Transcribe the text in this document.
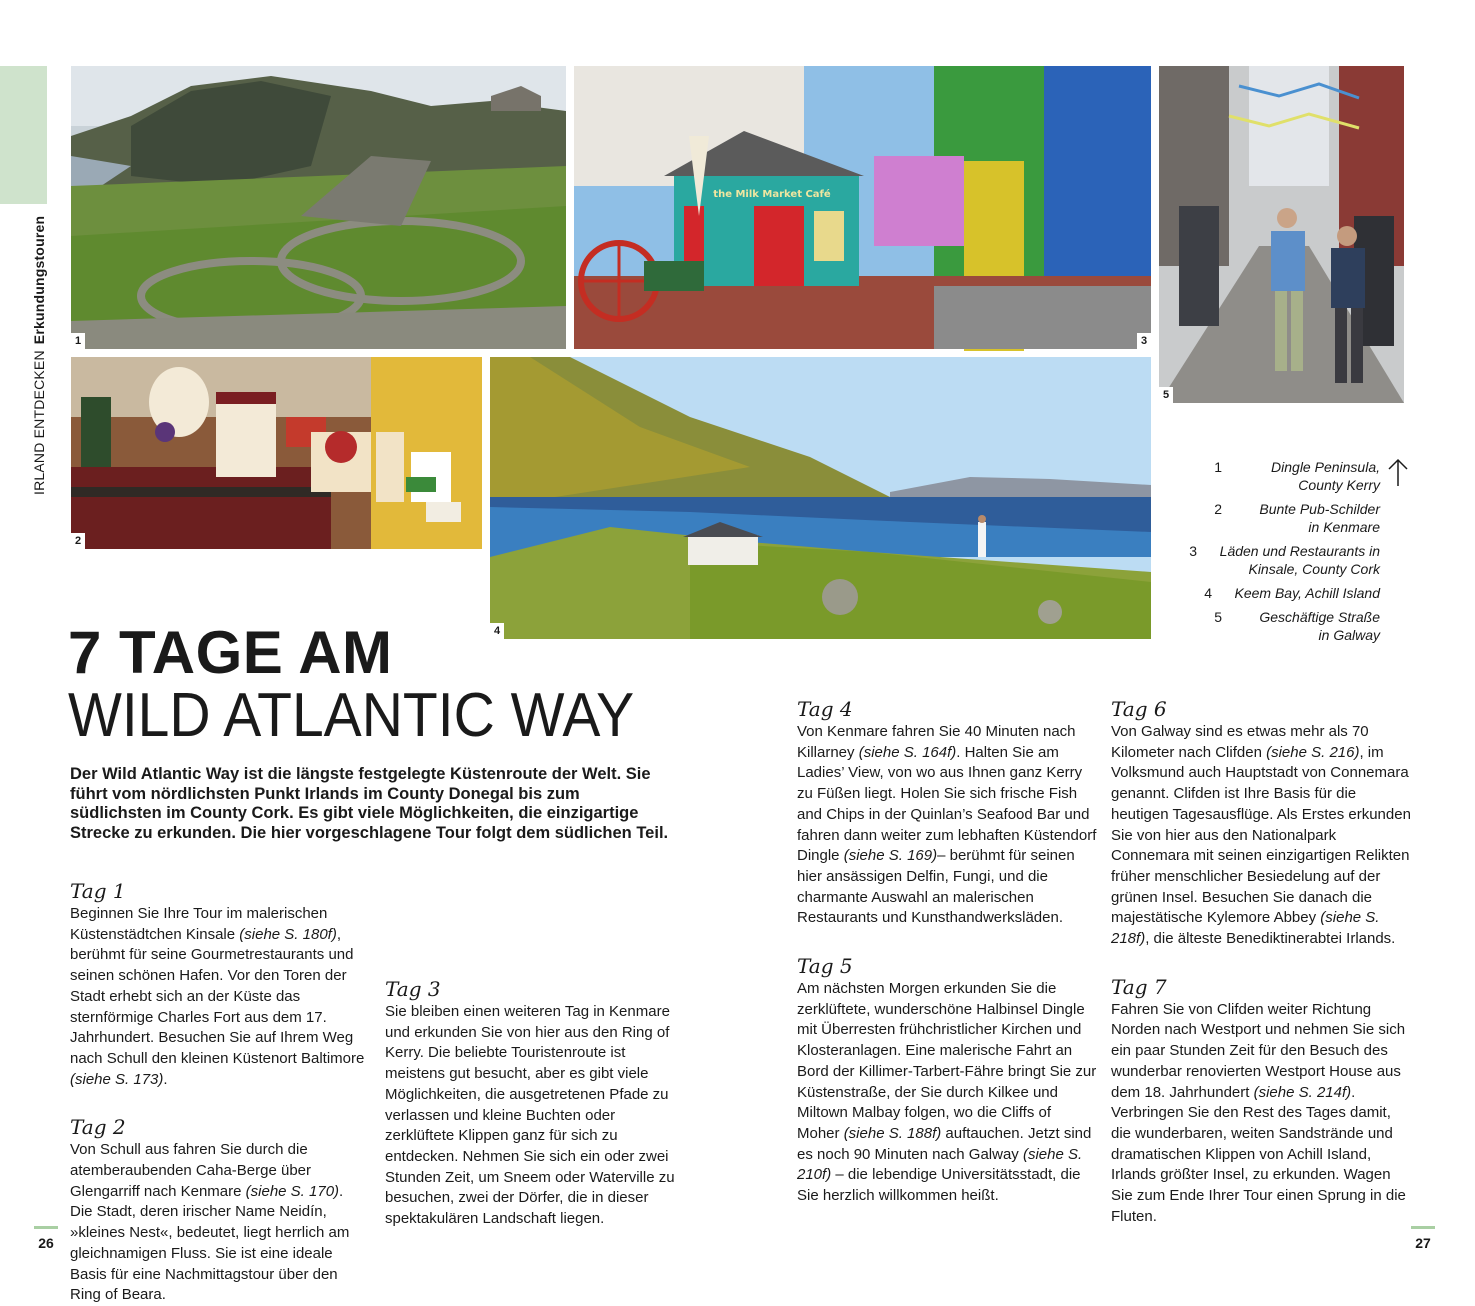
IRLAND ENTDECKENErkundungstouren	1
the Milk Market Café
3
5
2
4
1	Dingle Peninsula,
County Kerry
2	Bunte Pub-Schilder
in Kenmare
3	Läden und Restaurants in
Kinsale, County Cork
4	Keem Bay, Achill Island
5	Geschäftige Straße
in Galway
7 TAGE AM
WILD ATLANTIC WAY
Der Wild Atlantic Way ist die längste festgelegte Küstenroute der Welt. Sie führt vom nördlichsten Punkt Irlands im County Donegal bis zum südlichsten im County Cork. Es gibt viele Möglichkeiten, die einzigartige Strecke zu erkunden. Die hier vorgeschlagene Tour folgt dem südlichen Teil.
Tag 1
Beginnen Sie Ihre Tour im malerischen Küstenstädtchen Kinsale (siehe S. 180f), berühmt für seine Gourmetrestaurants und seinen schönen Hafen. Vor den Toren der Stadt erhebt sich an der Küste das sternförmige Charles Fort aus dem 17. Jahrhundert. Besuchen Sie auf Ihrem Weg nach Schull den kleinen Küstenort Baltimore (siehe S. 173).
Tag 2
Von Schull aus fahren Sie durch die atemberaubenden Caha-Berge über Glengarriff nach Kenmare (siehe S. 170). Die Stadt, deren irischer Name Neidín, »kleines Nest«, bedeutet, liegt herrlich am gleichnamigen Fluss. Sie ist eine ideale Basis für eine Nachmittagstour über den Ring of Beara.
Tag 3
Sie bleiben einen weiteren Tag in Kenmare und erkunden Sie von hier aus den Ring of Kerry. Die beliebte Touristenroute ist meistens gut besucht, aber es gibt viele Möglichkeiten, die ausgetretenen Pfade zu verlassen und kleine Buchten oder zerklüftete Klippen ganz für sich zu entdecken. Nehmen Sie sich ein oder zwei Stunden Zeit, um Sneem oder Waterville zu besuchen, zwei der Dörfer, die in dieser spektakulären Landschaft liegen.
Tag 4
Von Kenmare fahren Sie 40 Minuten nach Killarney (siehe S. 164f). Halten Sie am Ladies’ View, von wo aus Ihnen ganz Kerry zu Füßen liegt. Holen Sie sich frische Fish and Chips in der Quinlan’s Seafood Bar und fahren dann weiter zum lebhaften Küstendorf Dingle (siehe S. 169)– berühmt für seinen hier ansässigen Delfin, Fungi, und die charmante Auswahl an malerischen Restaurants und Kunsthandwerksläden.
Tag 5
Am nächsten Morgen erkunden Sie die zerklüftete, wunderschöne Halbinsel Dingle mit Überresten frühchristlicher Kirchen und Klosteranlagen. Eine malerische Fahrt an Bord der Killimer-Tarbert-Fähre bringt Sie zur Küstenstraße, der Sie durch Kilkee und Miltown Malbay folgen, wo die Cliffs of Moher (siehe S. 188f) auftauchen. Jetzt sind es noch 90 Minuten nach Galway (siehe S. 210f) – die lebendige Universitätsstadt, die Sie herzlich willkommen heißt.
Tag 6
Von Galway sind es etwas mehr als 70 Kilometer nach Clifden (siehe S. 216), im Volksmund auch Hauptstadt von Connemara genannt. Clifden ist Ihre Basis für die heutigen Tagesausflüge. Als Erstes erkunden Sie von hier aus den Nationalpark Connemara mit seinen einzigartigen Relikten früher menschlicher Besiedelung auf der grünen Insel. Besuchen Sie danach die majestätische Kylemore Abbey (siehe S. 218f), die älteste Benediktinerabtei Irlands.
Tag 7
Fahren Sie von Clifden weiter Richtung Norden nach Westport und nehmen Sie sich ein paar Stunden Zeit für den Besuch des wunderbar renovierten Westport House aus dem 18. Jahrhundert (siehe S. 214f). Verbringen Sie den Rest des Tages damit, die wunderbaren, weiten Sandstrände und dramatischen Klippen von Achill Island, Irlands größter Insel, zu erkunden. Wagen Sie zum Ende Ihrer Tour einen Sprung in die Fluten.
26	27
